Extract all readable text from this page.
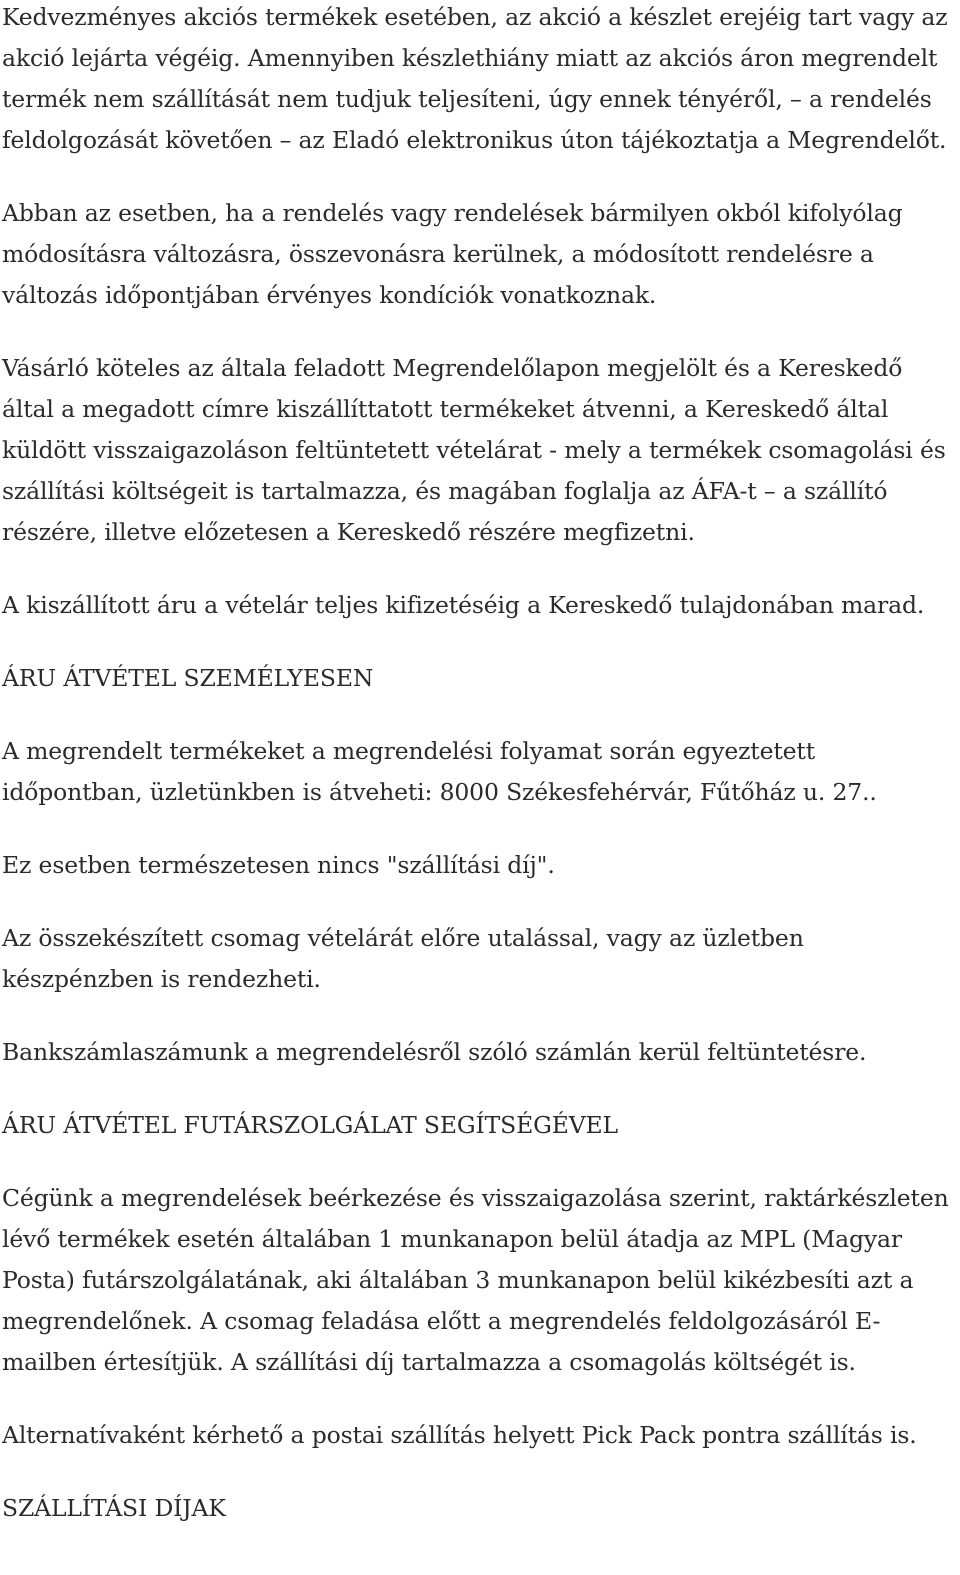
Kedvezményes akciós termékek esetében, az akció a készlet erejéig tart vagy az akció lejárta végéig. Amennyiben készlethiány miatt az akciós áron megrendelt termék nem szállítását nem tudjuk teljesíteni, úgy ennek tényéről, – a rendelés feldolgozását követően – az Eladó elektronikus úton tájékoztatja a Megrendelőt.

Abban az esetben, ha a rendelés vagy rendelések bármilyen okból kifolyólag módosításra változásra, összevonásra kerülnek, a módosított rendelésre a változás időpontjában érvényes kondíciók vonatkoznak.

Vásárló köteles az általa feladott Megrendelőlapon megjelölt és a Kereskedő által a megadott címre kiszállíttatott termékeket átvenni, a Kereskedő által küldött visszaigazoláson feltüntetett vételárat - mely a termékek csomagolási és szállítási költségeit is tartalmazza, és magában foglalja az ÁFA-t – a szállító részére, illetve előzetesen a Kereskedő részére megfizetni.

A kiszállított áru a vételár teljes kifizetéséig a Kereskedő tulajdonában marad.

ÁRU ÁTVÉTEL SZEMÉLYESEN

A megrendelt termékeket a megrendelési folyamat során egyeztetett időpontban, üzletünkben is átveheti: 8000 Székesfehérvár, Fűtőház u. 27..

Ez esetben természetesen nincs "szállítási díj".

Az összekészített csomag vételárát előre utalással, vagy az üzletben készpénzben is rendezheti.

Bankszámlaszámunk a megrendelésről szóló számlán kerül feltüntetésre.

ÁRU ÁTVÉTEL FUTÁRSZOLGÁLAT SEGÍTSÉGÉVEL

Cégünk a megrendelések beérkezése és visszaigazolása szerint, raktárkészleten lévő termékek esetén általában 1 munkanapon belül átadja az MPL (Magyar Posta) futárszolgálatának, aki általában 3 munkanapon belül kikézbesíti azt a megrendelőnek. A csomag feladása előtt a megrendelés feldolgozásáról E-mailben értesítjük. A szállítási díj tartalmazza a csomagolás költségét is.

Alternatívaként kérhető a postai szállítás helyett Pick Pack pontra szállítás is.

SZÁLLÍTÁSI DÍJAK
